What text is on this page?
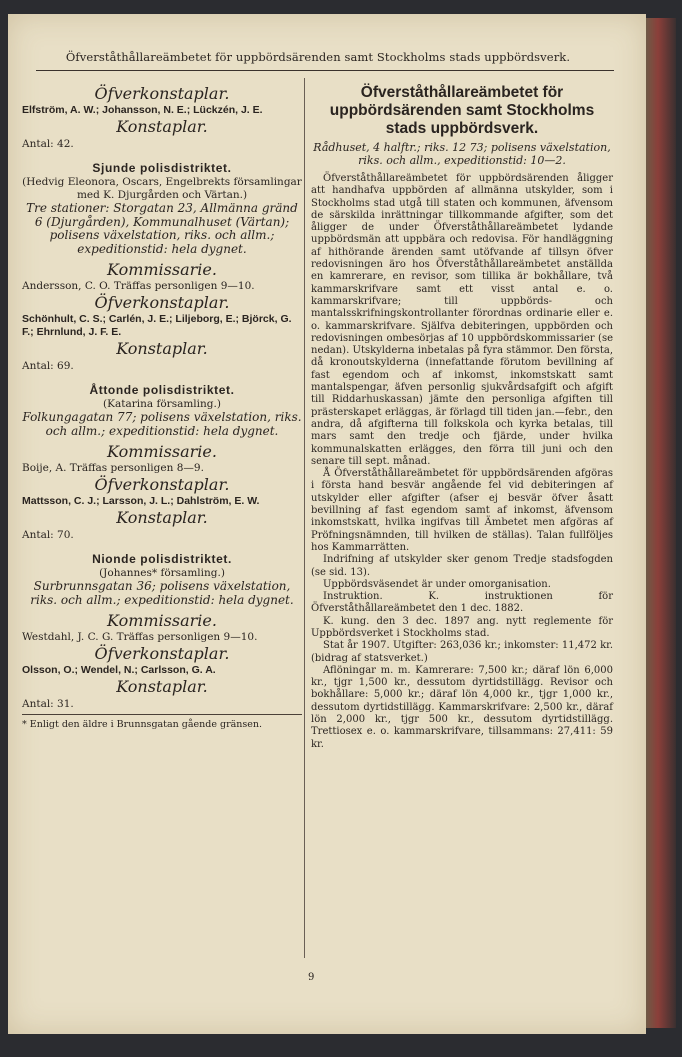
Öfverståthållareämbetet för uppbördsärenden samt Stockholms stads uppbördsverk.
Öfverkonstaplar.
Elfström, A. W.; Johansson, N. E.; Lückzén, J. E.
Konstaplar.
Antal: 42.
Sjunde polisdistriktet.
(Hedvig Eleonora, Oscars, Engelbrekts församlingar med K. Djurgården och Värtan.)
Tre stationer: Storgatan 23, Allmänna gränd 6 (Djurgården), Kommunalhuset (Värtan); polisens växelstation, riks. och allm.; expeditionstid: hela dygnet.
Kommissarie.
Andersson, C. O. Träffas personligen 9—10.
Öfverkonstaplar.
Schönhult, C. S.; Carlén, J. E.; Liljeborg, E.; Björck, G. F.; Ehrnlund, J. F. E.
Konstaplar.
Antal: 69.
Åttonde polisdistriktet.
(Katarina församling.)
Folkungagatan 77; polisens växelstation, riks. och allm.; expeditionstid: hela dygnet.
Kommissarie.
Boije, A. Träffas personligen 8—9.
Öfverkonstaplar.
Mattsson, C. J.; Larsson, J. L.; Dahlström, E. W.
Konstaplar.
Antal: 70.
Nionde polisdistriktet.
(Johannes* församling.)
Surbrunnsgatan 36; polisens växelstation, riks. och allm.; expeditionstid: hela dygnet.
Kommissarie.
Westdahl, J. C. G. Träffas personligen 9—10.
Öfverkonstaplar.
Olsson, O.; Wendel, N.; Carlsson, G. A.
Konstaplar.
Antal: 31.
* Enligt den äldre i Brunnsgatan gående gränsen.
Öfverståthållareämbetet för uppbördsärenden samt Stockholms stads uppbördsverk.
Rådhuset, 4 halftr.; riks. 12 73; polisens växelstation, riks. och allm., expeditionstid: 10—2.

Öfverståthållareämbetet för uppbördsärenden åligger att handhafva uppbörden af allmänna utskylder, som i Stockholms stad utgå till staten och kommunen, äfvensom de särskilda inrättningar tillkommande afgifter, som det åligger de under Öfverståthållareämbetet lydande uppbördsmän att uppbära och redovisa. För handläggning af hithörande ärenden samt utöfvande af tillsyn öfver redovisningen äro hos Öfverståthållareämbetet anställda en kamrerare, en revisor, som tillika är bokhållare, två kammarskrifvare samt ett visst antal e. o. kammarskrifvare; till uppbörds- och mantalsskrifningskontrollanter förordnas ordinarie eller e. o. kammarskrifvare. Själfva debiteringen, uppbörden och redovisningen ombesörjas af 10 uppbördskommissarier (se nedan). Utskylderna inbetalas på fyra stämmor. Den första, då kronoutskylderna (innefattande förutom bevillning af fast egendom och af inkomst, inkomstskatt samt mantalspengar, äfven personlig sjukvårdsafgift och afgift till Riddarhuskassan) jämte den personliga afgiften till prästerskapet erläggas, är förlagd till tiden jan.—febr., den andra, då afgifterna till folkskola och kyrka betalas, till mars samt den tredje och fjärde, under hvilka kommunalskatten erlägges, den förra till juni och den senare till sept. månad.

Å Öfverståthållareämbetet för uppbördsärenden afgöras i första hand besvär angående fel vid debiteringen af utskylder eller afgifter (afser ej besvär öfver åsatt bevillning af fast egendom samt af inkomst, äfvensom inkomstskatt, hvilka ingifvas till Ämbetet men afgöras af Pröfningsnämnden, till hvilken de ställas). Talan fullföljes hos Kammarrätten.

Indrifning af utskylder sker genom Tredje stadsfogden (se sid. 13).

Uppbördsväsendet är under omorganisation.

Instruktion. K. instruktionen för Öfverståthållareämbetet den 1 dec. 1882.

K. kung. den 3 dec. 1897 ang. nytt reglemente för Uppbördsverket i Stockholms stad.

Stat år 1907. Utgifter: 263,036 kr.; inkomster: 11,472 kr. (bidrag af statsverket.)

Aflöningar m. m. Kamrerare: 7,500 kr.; däraf lön 6,000 kr., tjgr 1,500 kr., dessutom dyrtidstillägg. Revisor och bokhållare: 5,000 kr.; däraf lön 4,000 kr., tjgr 1,000 kr., dessutom dyrtidstillägg. Kammarskrifvare: 2,500 kr., däraf lön 2,000 kr., tjgr 500 kr., dessutom dyrtidstillägg. Trettiosex e. o. kammarskrifvare, tillsammans: 27,411: 59 kr.

9
